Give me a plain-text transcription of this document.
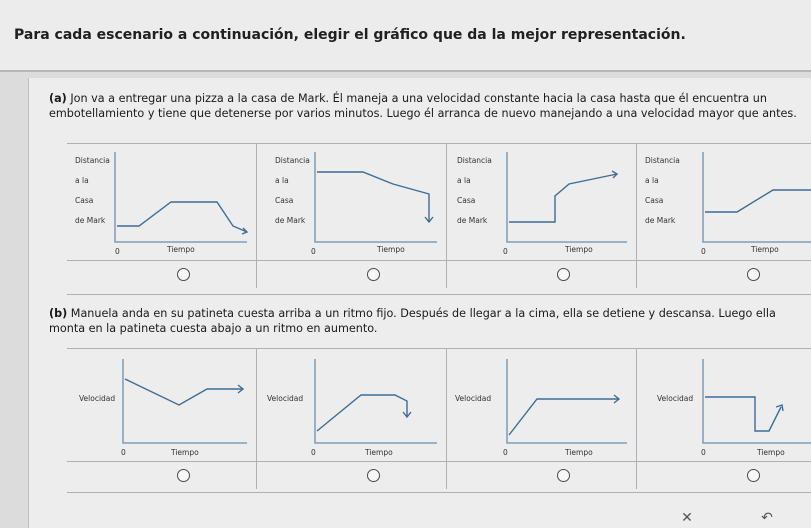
Para cada escenario a continuación, elegir el gráfico que da la mejor representación.
(a) Jon va a entregar una pizza a la casa de Mark. Él maneja a una velocidad constante hacia la casa hasta que él encuentra un embotellamiento y tiene que detenerse por varios minutos. Luego él arranca de nuevo manejando a una velocidad mayor que antes.
Distancia
a la
Casa
de Mark
0	Tiempo
Distancia
a la
Casa
de Mark
0	Tiempo
Distancia
a la
Casa
de Mark
0	Tiempo
Distancia
a la
Casa
de Mark
0	Tiempo
(b) Manuela anda en su patineta cuesta arriba a un ritmo fijo. Después de llegar a la cima, ella se detiene y descansa. Luego ella monta en la patineta cuesta abajo a un ritmo en aumento.
Velocidad
0	Tiempo
Velocidad
0	Tiempo
Velocidad
0	Tiempo
Velocidad
0	Tiempo
✕	↶
